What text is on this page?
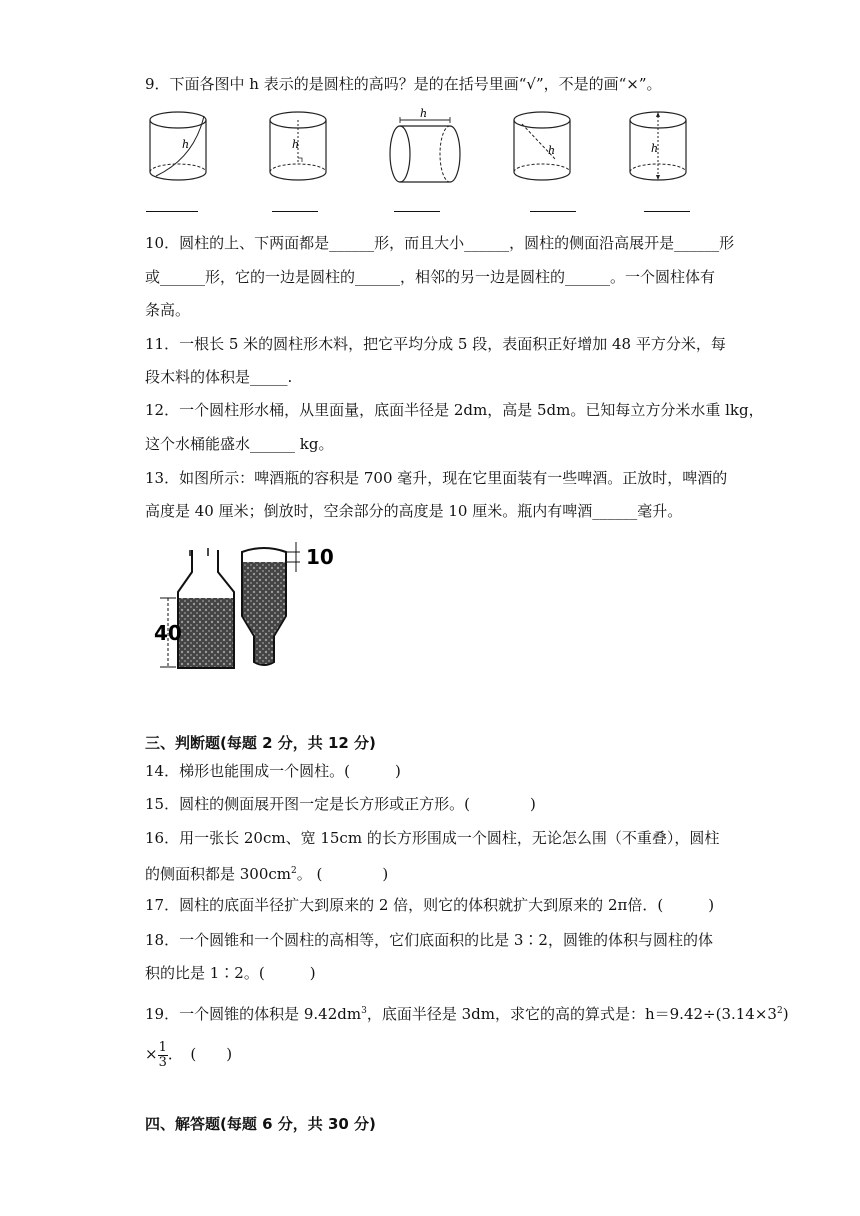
9．下面各图中 h 表示的是圆柱的高吗？是的在括号里画“√”，不是的画“×”。
h	h
h
h	h
10．圆柱的上、下两面都是______形，而且大小______，圆柱的侧面沿高展开是______形
或______形，它的一边是圆柱的______，相邻的另一边是圆柱的______。一个圆柱体有
条高。
11．一根长 5 米的圆柱形木料，把它平均分成 5 段，表面积正好增加 48 平方分米，每
段木料的体积是_____.
12．一个圆柱形水桶，从里面量，底面半径是 2dm，高是 5dm。已知每立方分米水重 lkg，
这个水桶能盛水______ kg。
13．如图所示：啤酒瓶的容积是 700 毫升，现在它里面装有一些啤酒。正放时，啤酒的
高度是 40 厘米；倒放时，空余部分的高度是 10 厘米。瓶内有啤酒______毫升。
40
10
三、判断题(每题 2 分，共 12 分)
14．梯形也能围成一个圆柱。(　　　)
15．圆柱的侧面展开图一定是长方形或正方形。(　　　　)
16．用一张长 20cm、宽 15cm 的长方形围成一个圆柱，无论怎么围（不重叠），圆柱
的侧面积都是 $300cm^2$。 (　　　　)
17．圆柱的底面半径扩大到原来的 2 倍，则它的体积就扩大到原来的 2π倍．(　　　)
18．一个圆锥和一个圆柱的高相等，它们底面积的比是 3∶2，圆锥的体积与圆柱的体
积的比是 1∶2。(　　　)
19．一个圆锥的体积是 $9.42dm^3$，底面半径是 3dm，求它的高的算式是：$h=9.42\div(3.14\times 3^2)$
× $\frac{1}{3}$ ．　(　　)
四、解答题(每题 6 分，共 30 分)
